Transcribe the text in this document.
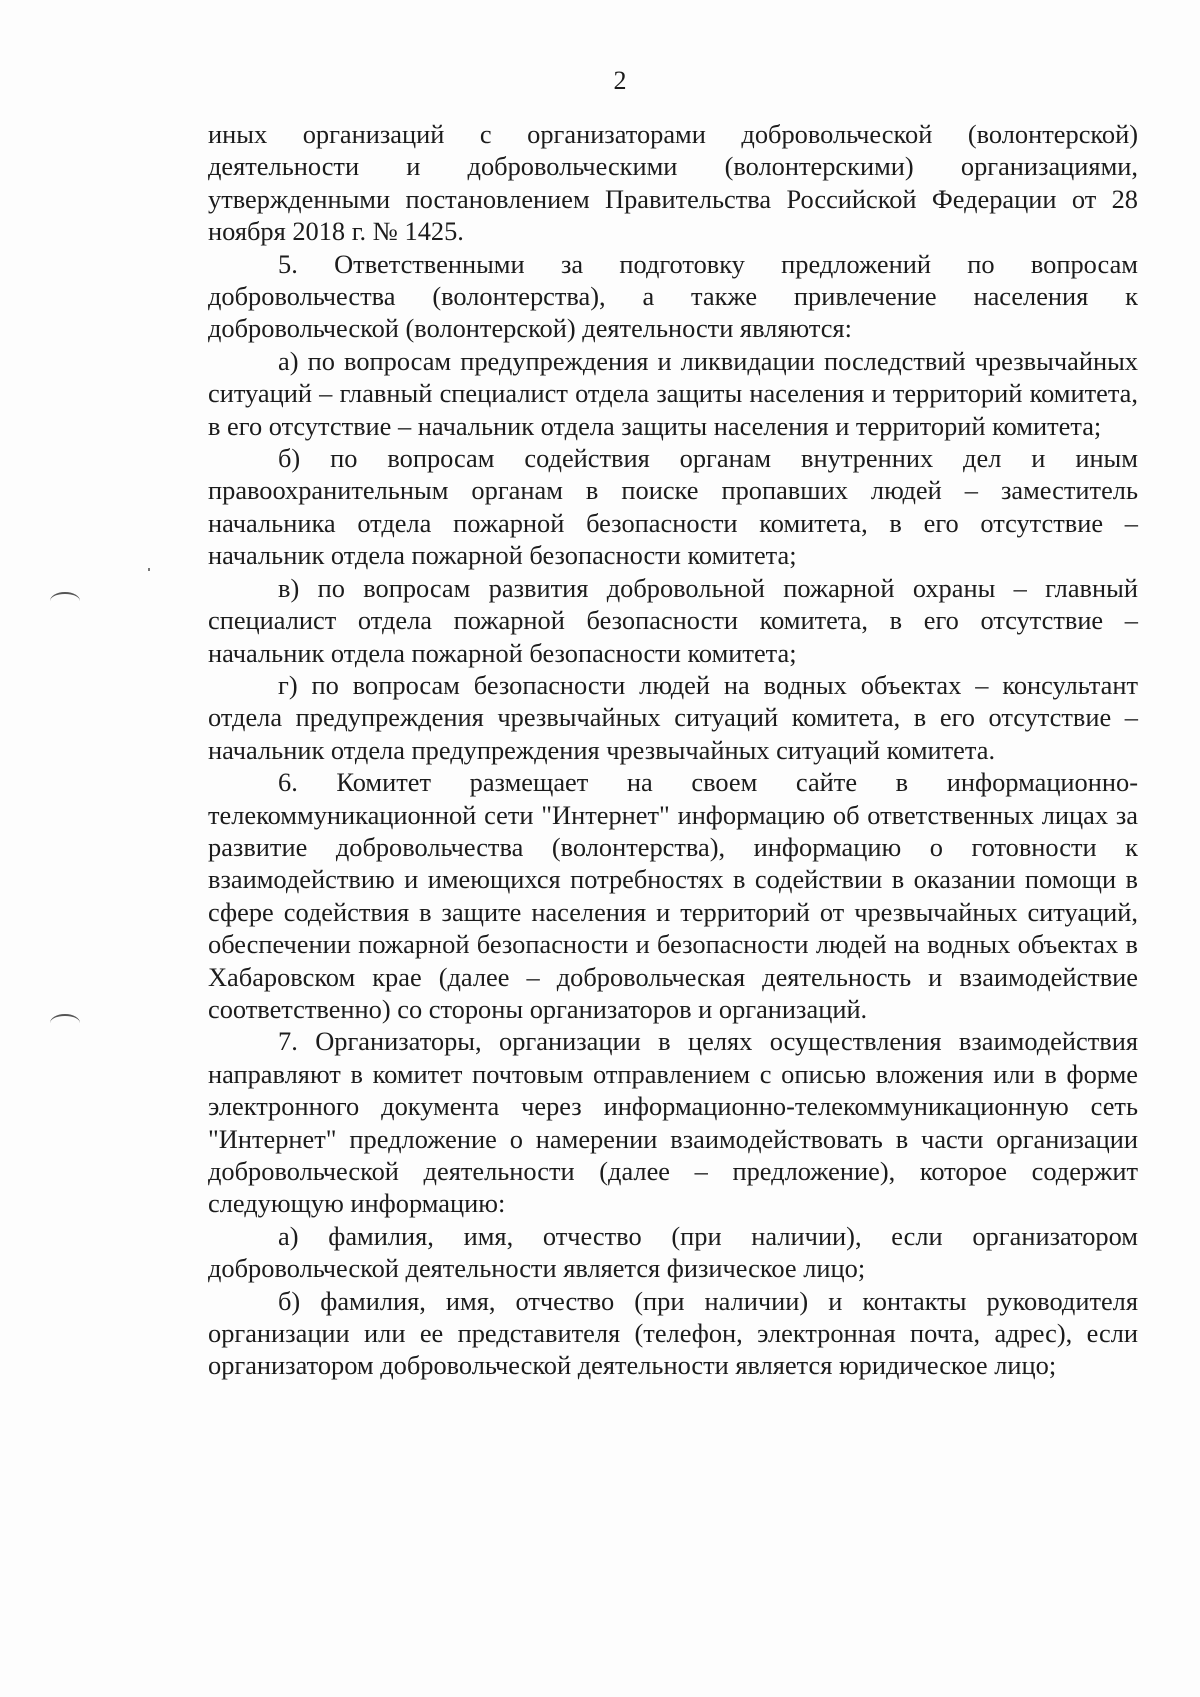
2

иных организаций с организаторами добровольческой (волонтерской) деятельности и добровольческими (волонтерскими) организациями, утвержденными постановлением Правительства Российской Федерации от 28 ноября 2018 г. № 1425.

5. Ответственными за подготовку предложений по вопросам добровольчества (волонтерства), а также привлечение населения к добровольческой (волонтерской) деятельности являются:

а) по вопросам предупреждения и ликвидации последствий чрезвычайных ситуаций – главный специалист отдела защиты населения и территорий комитета, в его отсутствие – начальник отдела защиты населения и территорий комитета;

б) по вопросам содействия органам внутренних дел и иным правоохранительным органам в поиске пропавших людей – заместитель начальника отдела пожарной безопасности комитета, в его отсутствие – начальник отдела пожарной безопасности комитета;

в) по вопросам развития добровольной пожарной охраны – главный специалист отдела пожарной безопасности комитета, в его отсутствие – начальник отдела пожарной безопасности комитета;

г) по вопросам безопасности людей на водных объектах – консультант отдела предупреждения чрезвычайных ситуаций комитета, в его отсутствие – начальник отдела предупреждения чрезвычайных ситуаций комитета.

6. Комитет размещает на своем сайте в информационно-телекоммуникационной сети "Интернет" информацию об ответственных лицах за развитие добровольчества (волонтерства), информацию о готовности к взаимодействию и имеющихся потребностях в содействии в оказании помощи в сфере содействия в защите населения и территорий от чрезвычайных ситуаций, обеспечении пожарной безопасности и безопасности людей на водных объектах в Хабаровском крае (далее – добровольческая деятельность и взаимодействие соответственно) со стороны организаторов и организаций.

7. Организаторы, организации в целях осуществления взаимодействия направляют в комитет почтовым отправлением с описью вложения или в форме электронного документа через информационно-телекоммуникационную сеть "Интернет" предложение о намерении взаимодействовать в части организации добровольческой деятельности (далее – предложение), которое содержит следующую информацию:

а) фамилия, имя, отчество (при наличии), если организатором добровольческой деятельности является физическое лицо;

б) фамилия, имя, отчество (при наличии) и контакты руководителя организации или ее представителя (телефон, электронная почта, адрес), если организатором добровольческой деятельности является юридическое лицо;
